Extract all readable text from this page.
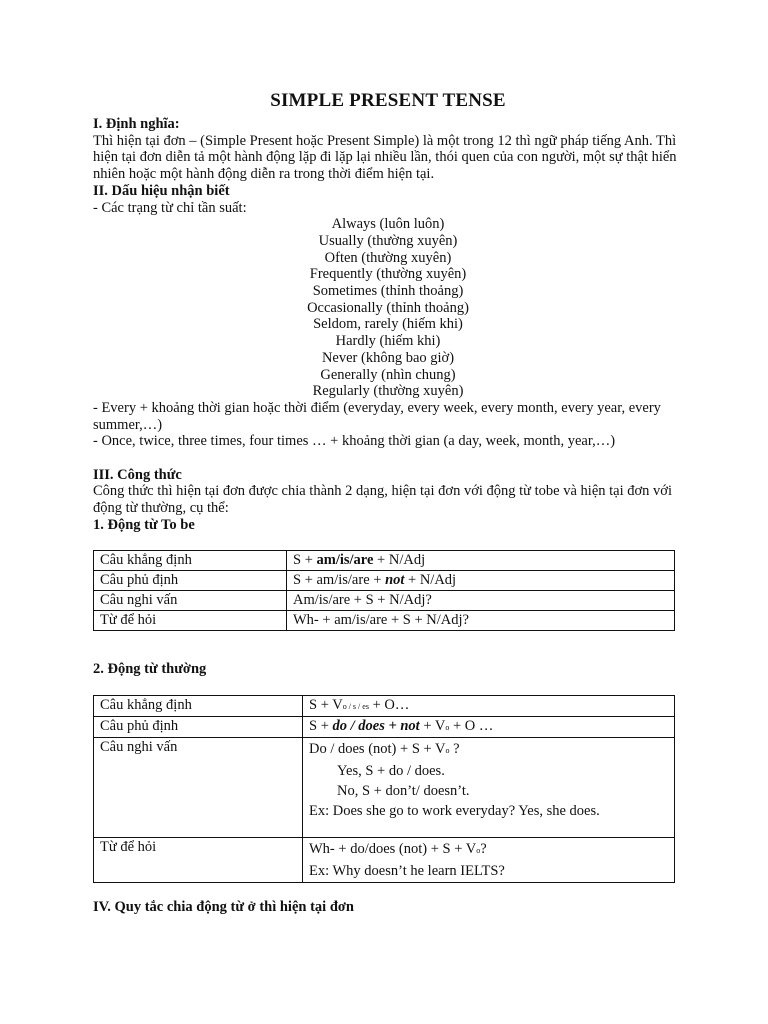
SIMPLE PRESENT TENSE

I. Định nghĩa:

Thì hiện tại đơn – (Simple Present hoặc Present Simple) là một trong 12 thì ngữ pháp tiếng Anh. Thì hiện tại đơn diễn tả một hành động lặp đi lặp lại nhiều lần, thói quen của con người, một sự thật hiển nhiên hoặc một hành động diễn ra trong thời điểm hiện tại.

II. Dấu hiệu nhận biết

- Các trạng từ chỉ tần suất:

Always (luôn luôn)
Usually (thường xuyên)
Often (thường xuyên)
Frequently (thường xuyên)
Sometimes (thỉnh thoảng)
Occasionally (thỉnh thoảng)
Seldom, rarely (hiếm khi)
Hardly (hiếm khi)
Never (không bao giờ)
Generally (nhìn chung)
Regularly (thường xuyên)

- Every + khoảng thời gian hoặc thời điểm (everyday, every week, every month, every year, every summer,…)

- Once, twice, three times, four times … + khoảng thời gian (a day, week, month, year,…)

III. Công thức

Công thức thì hiện tại đơn được chia thành 2 dạng, hiện tại đơn với động từ tobe và hiện tại đơn với động từ thường, cụ thể:

1. Động từ To be

Câu khẳng định	S + am/is/are + N/Adj
Câu phủ định	S + am/is/are + not + N/Adj
Câu nghi vấn	Am/is/are + S + N/Adj?
Từ để hỏi	Wh- + am/is/are + S + N/Adj?

2. Động từ thường

Câu khẳng định	S + Vo / s / es + O…
Câu phủ định	S + do / does + not + Vo + O …
Câu nghi vấn	Do / does (not) + S + Vo ?
Yes, S + do / does.
No, S + don’t/ doesn’t.
Ex: Does she go to work everyday? Yes, she does.

Từ để hỏi	Wh- + do/does (not) + S + Vo?
Ex: Why doesn’t he learn IELTS?

IV. Quy tắc chia động từ ở thì hiện tại đơn
